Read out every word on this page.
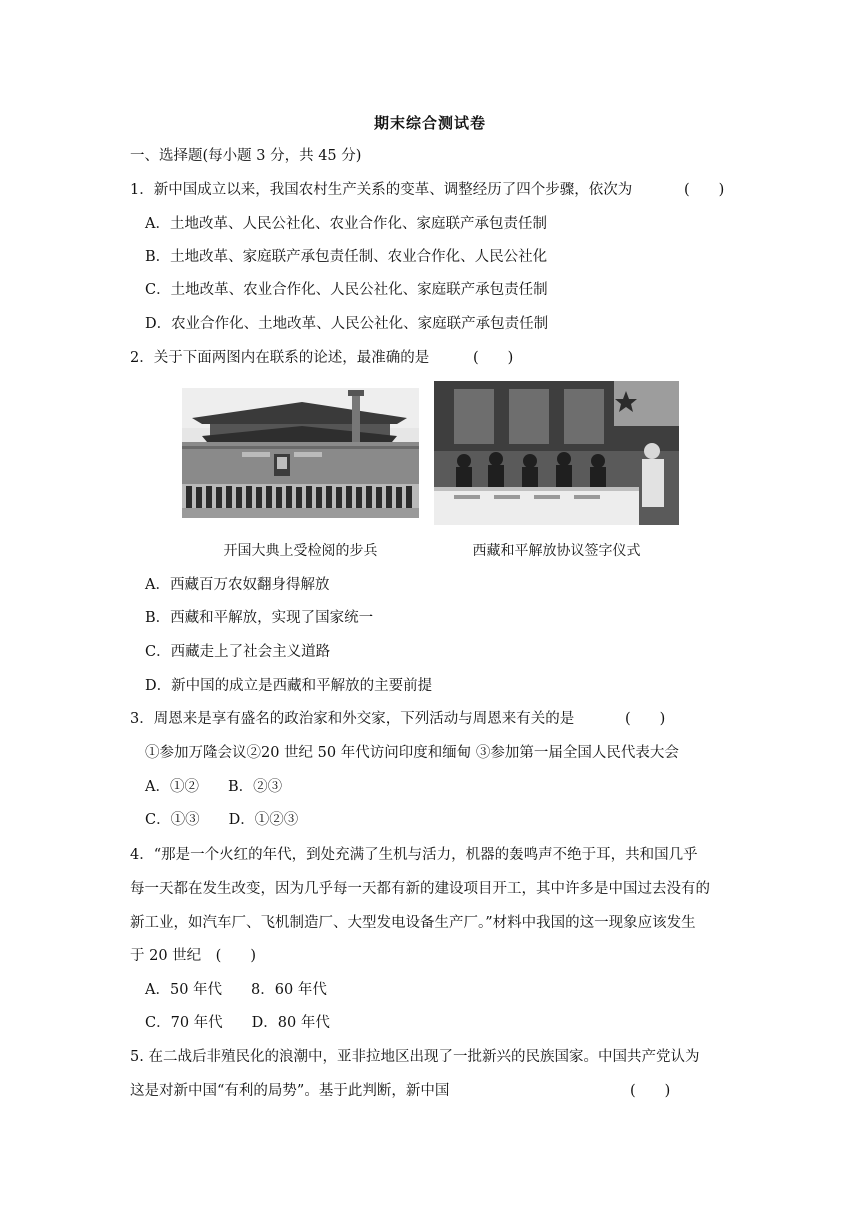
期末综合测试卷
一、选择题(每小题 3 分，共 45 分)
1．新中国成立以来，我国农村生产关系的变革、调整经历了四个步骤，依次为	(　　)
A．土地改革、人民公社化、农业合作化、家庭联产承包责任制
B．土地改革、家庭联产承包责任制、农业合作化、人民公社化
C．土地改革、农业合作化、人民公社化、家庭联产承包责任制
D．农业合作化、土地改革、人民公社化、家庭联产承包责任制
2．关于下面两图内在联系的论述，最准确的是	(　　)
开国大典上受检阅的步兵	西藏和平解放协议签字仪式
A．西藏百万农奴翻身得解放
B．西藏和平解放，实现了国家统一
C．西藏走上了社会主义道路
D．新中国的成立是西藏和平解放的主要前提
3．周恩来是享有盛名的政治家和外交家，下列活动与周恩来有关的是	(　　)
①参加万隆会议②20 世纪 50 年代访问印度和缅甸 ③参加第一届全国人民代表大会
A．①②　　B．②③
C．①③　　D．①②③
4．“那是一个火红的年代，到处充满了生机与活力，机器的轰鸣声不绝于耳，共和国几乎
每一天都在发生改变，因为几乎每一天都有新的建设项目开工，其中许多是中国过去没有的
新工业，如汽车厂、飞机制造厂、大型发电设备生产厂。”材料中我国的这一现象应该发生
于 20 世纪　(　　)
A．50 年代　　8．60 年代
C．70 年代　　D．80 年代
5. 在二战后非殖民化的浪潮中，亚非拉地区出现了一批新兴的民族国家。中国共产党认为
这是对新中国“有利的局势”。基于此判断，新中国	(　　)
